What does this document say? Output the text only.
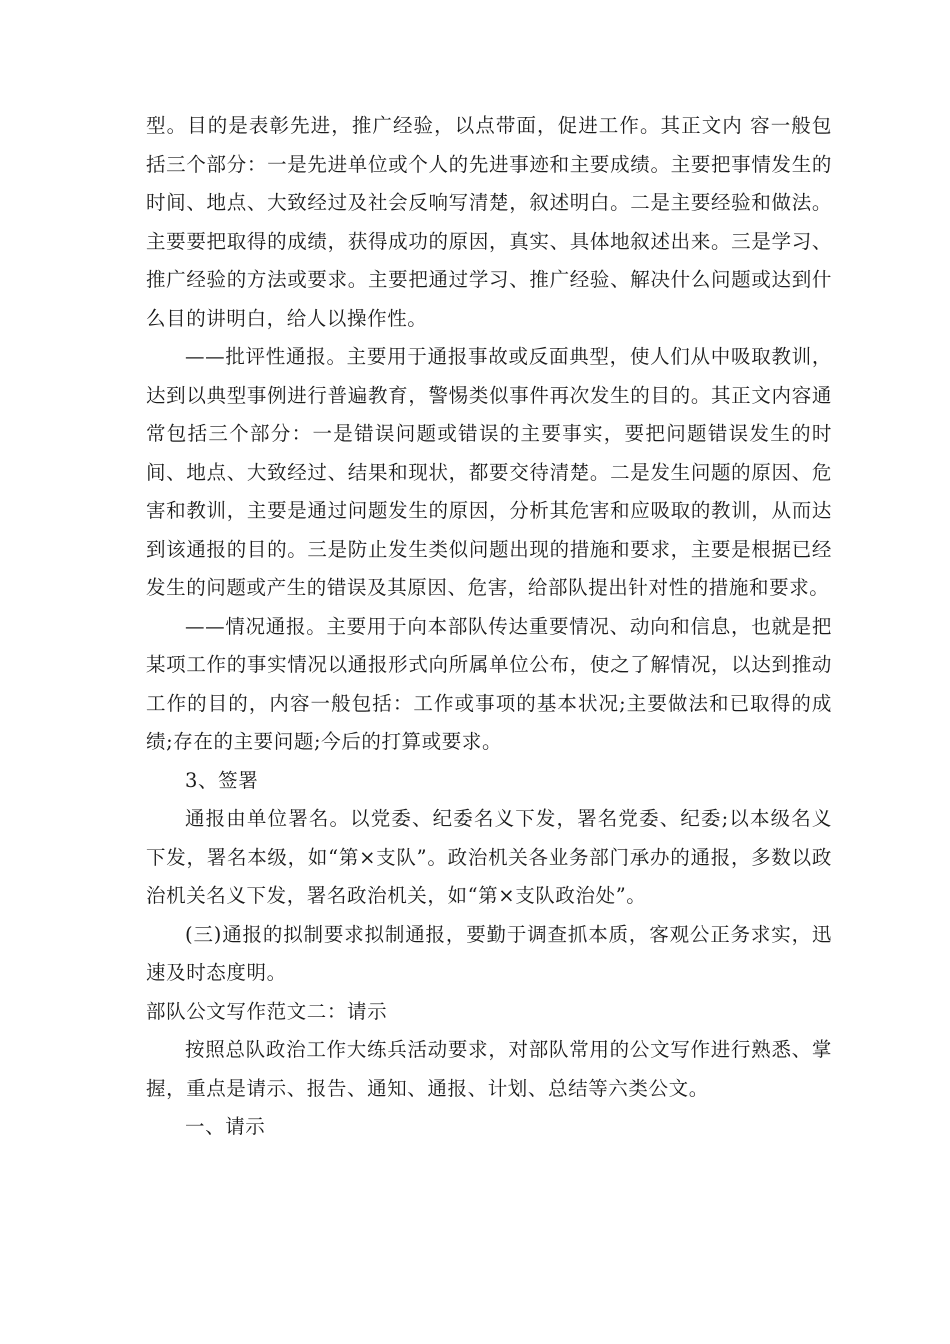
型。目的是表彰先进，推广经验，以点带面，促进工作。其正文内 容一般包括三个部分：一是先进单位或个人的先进事迹和主要成绩。主要把事情发生的时间、地点、大致经过及社会反响写清楚，叙述明白。二是主要经验和做法。主要要把取得的成绩，获得成功的原因，真实、具体地叙述出来。三是学习、推广经验的方法或要求。主要把通过学习、推广经验、解决什么问题或达到什么目的讲明白，给人以操作性。

——批评性通报。主要用于通报事故或反面典型，使人们从中吸取教训，达到以典型事例进行普遍教育，警惕类似事件再次发生的目的。其正文内容通常包括三个部分：一是错误问题或错误的主要事实，要把问题错误发生的时间、地点、大致经过、结果和现状，都要交待清楚。二是发生问题的原因、危害和教训，主要是通过问题发生的原因，分析其危害和应吸取的教训，从而达到该通报的目的。三是防止发生类似问题出现的措施和要求，主要是根据已经发生的问题或产生的错误及其原因、危害，给部队提出针对性的措施和要求。

——情况通报。主要用于向本部队传达重要情况、动向和信息，也就是把某项工作的事实情况以通报形式向所属单位公布，使之了解情况，以达到推动工作的目的，内容一般包括：工作或事项的基本状况;主要做法和已取得的成绩;存在的主要问题;今后的打算或要求。

3、签署

通报由单位署名。以党委、纪委名义下发，署名党委、纪委;以本级名义下发，署名本级，如“第×支队”。政治机关各业务部门承办的通报，多数以政治机关名义下发，署名政治机关，如“第×支队政治处”。

(三)通报的拟制要求拟制通报，要勤于调查抓本质，客观公正务求实，迅速及时态度明。

部队公文写作范文二：请示

按照总队政治工作大练兵活动要求，对部队常用的公文写作进行熟悉、掌握，重点是请示、报告、通知、通报、计划、总结等六类公文。

一、请示
